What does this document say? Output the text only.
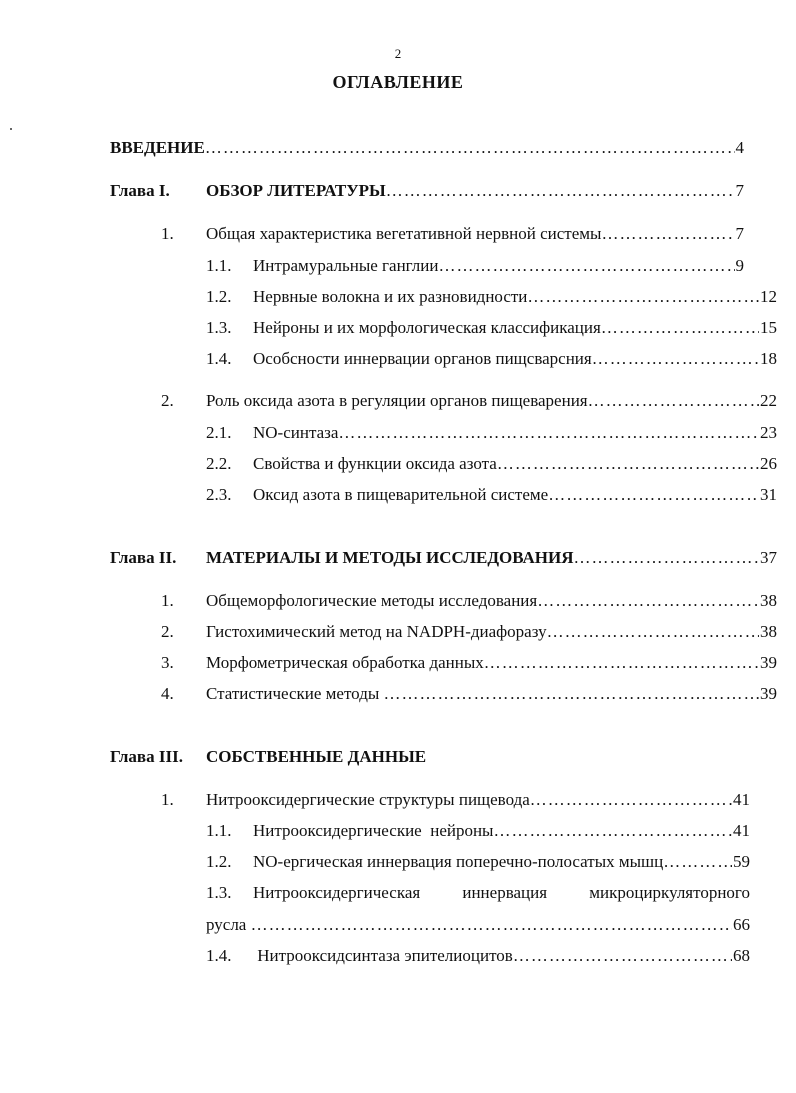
2
ОГЛАВЛЕНИЕ
ВВЕДЕНИЕ ………………………………………………………………………………………………………………………………………………………………	4
Глава I. ОБЗОР ЛИТЕРАТУРЫ ………………………………………………………………………………………………………………………………………………………………	7
1. Общая характеристика вегетативной нервной системы ………………………………………………………………………………………………………………………………………………………………	7
1.1. Интрамуральные ганглии ………………………………………………………………………………………………………………………………………………………………	9
1.2. Нервные волокна и их разновидности ………………………………………………………………………………………………………………………………………………………………	12
1.3. Нейроны и их морфологическая классификация ………………………………………………………………………………………………………………………………………………………………	15
1.4. Особсности иннервации органов пищсварсния ………………………………………………………………………………………………………………………………………………………………	18
2. Роль оксида азота в регуляции органов пищеварения ………………………………………………………………………………………………………………………………………………………………	22
2.1. NO-синтаза ………………………………………………………………………………………………………………………………………………………………	23
2.2. Свойства и функции оксида азота ………………………………………………………………………………………………………………………………………………………………	26
2.3. Оксид азота в пищеварительной системе ………………………………………………………………………………………………………………………………………………………………	31
Глава II. МАТЕРИАЛЫ И МЕТОДЫ ИССЛЕДОВАНИЯ ………………………………………………………………………………………………………………………………………………………………	37
1. Общеморфологические методы исследования ………………………………………………………………………………………………………………………………………………………………	38
2. Гистохимический метод на NADPH-диафоразу ………………………………………………………………………………………………………………………………………………………………	38
3. Морфометрическая обработка данных ………………………………………………………………………………………………………………………………………………………………	39
4. Статистические методы ………………………………………………………………………………………………………………………………………………………………	39
Глава III. СОБСТВЕННЫЕ ДАННЫЕ
1. Нитрооксидергические структуры пищевода ………………………………………………………………………………………………………………………………………………………………	41
1.1. Нитрооксидергические  нейроны ………………………………………………………………………………………………………………………………………………………………	41
1.2. NO-ергическая иннервация поперечно-полосатых мышц ………………………………………………………………………………………………………………………………………………………………	59
1.3. Нитрооксидергическая иннервация микроциркуляторного
русла ………………………………………………………………………………………………………………………………………………………………	66
1.4. Нитрооксидсинтаза эпителиоцитов ………………………………………………………………………………………………………………………………………………………………	68
